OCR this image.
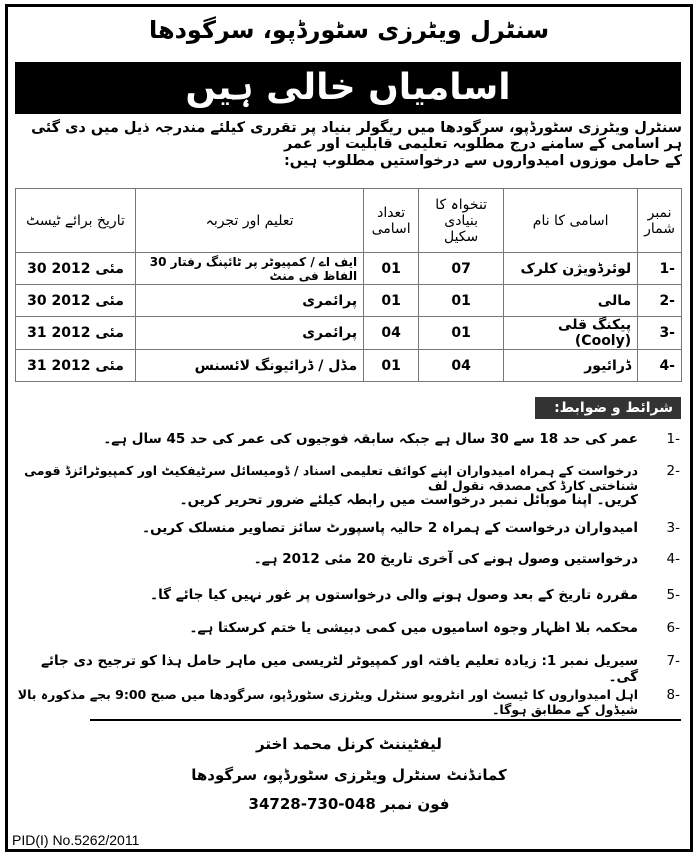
سنٹرل ویٹرزی سٹورڈپو، سرگودھا
اسامیاں خالی ہیں
سنٹرل ویٹرزی سٹورڈپو، سرگودھا میں ریگولر بنیاد پر تقرری کیلئے مندرجہ ذیل میں دی گئی ہر اسامی کے سامنے درج مطلوبہ تعلیمی قابلیت اور عمر
کے حامل موزوں امیدواروں سے درخواستیں مطلوب ہیں:
نمبر شمار	اسامی کا نام	تنخواہ کا بنیادی سکیل	تعداد اسامی	تعلیم اور تجربہ	تاریخ برائے ٹیسٹ
1-	لوئرڈویژن کلرک	07	01	ایف اے / کمپیوٹر پر ٹائپنگ رفتار 30 الفاظ فی منٹ	30 مئی 2012
2-	مالی	01	01	پرائمری	30 مئی 2012
3-	پیکنگ قلی (Cooly)	01	04	پرائمری	31 مئی 2012
4-	ڈرائیور	04	01	مڈل / ڈرائیونگ لائسنس	31 مئی 2012
شرائط و ضوابط:
1-
عمر کی حد 18 سے 30 سال ہے جبکہ سابقہ فوجیوں کی عمر کی حد 45 سال ہے۔
2-
درخواست کے ہمراہ امیدواران اپنے کوائف تعلیمی اسناد / ڈومیسائل سرٹیفکیٹ اور کمپیوٹرائزڈ قومی شناختی کارڈ کی مصدقہ نقول لف
کریں۔ اپنا موبائل نمبر درخواست میں رابطہ کیلئے ضرور تحریر کریں۔
3-
امیدواران درخواست کے ہمراہ 2 حالیہ پاسپورٹ سائز تصاویر منسلک کریں۔
4-
درخواستیں وصول ہونے کی آخری تاریخ 20 مئی 2012 ہے۔
5-
مقررہ تاریخ کے بعد وصول ہونے والی درخواستوں پر غور نہیں کیا جائے گا۔
6-
محکمہ بلا اظہار وجوہ اسامیوں میں کمی دبیشی یا ختم کرسکتا ہے۔
7-
سیریل نمبر 1: زیادہ تعلیم یافتہ اور کمپیوٹر لٹریسی میں ماہر حامل ہذا کو ترجیح دی جائے گی۔
8-
اہل امیدواروں کا ٹیسٹ اور انٹرویو سنٹرل ویٹرزی سٹورڈپو، سرگودھا میں صبح 9:00 بجے مذکورہ بالا شیڈول کے مطابق ہوگا۔
لیفٹیننٹ کرنل محمد اختر
کمانڈنٹ سنٹرل ویٹرزی سٹورڈپو، سرگودھا
فون نمبر 048-730-34728
PID(I) No.5262/2011
